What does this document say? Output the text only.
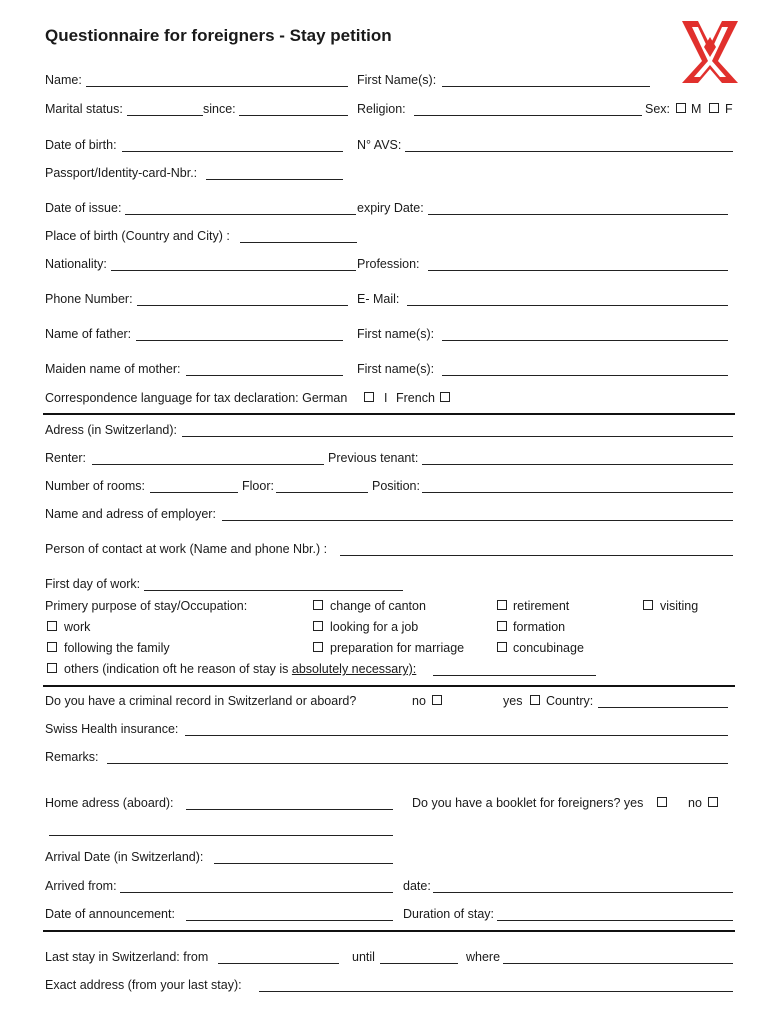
Questionnaire for foreigners - Stay petition
Name:	First Name(s):
Marital status:	since:	Religion:	Sex: M F
Date of birth:	N° AVS:
Passport/Identity-card-Nbr.:
Date of issue:	expiry Date:
Place of birth (Country and City) :
Nationality:	Profession:
Phone Number:	E- Mail:
Name of father:	First name(s):
Maiden name of mother:	First name(s):
Correspondence language for tax declaration: German	I French
Adress (in Switzerland):
Renter:	Previous tenant:
Number of rooms:	Floor:	Position:
Name and adress of employer:
Person of contact at work (Name and phone Nbr.) :
First day of work:
Primery purpose of stay/Occupation:	change of canton	retirement	visiting
work	looking for a job	formation
following the family	preparation for marriage	concubinage
others (indication oft he reason of stay is absolutely necessary):
Do you have a criminal record in Switzerland or aboard?	no	yes Country:
Swiss Health insurance:
Remarks:
Home adress (aboard):	Do you have a booklet for foreigners? yes	no
Arrival Date (in Switzerland):
Arrived from:	date:
Date of announcement:	Duration of stay:
Last stay in Switzerland: from	until	where
Exact address (from your last stay):
